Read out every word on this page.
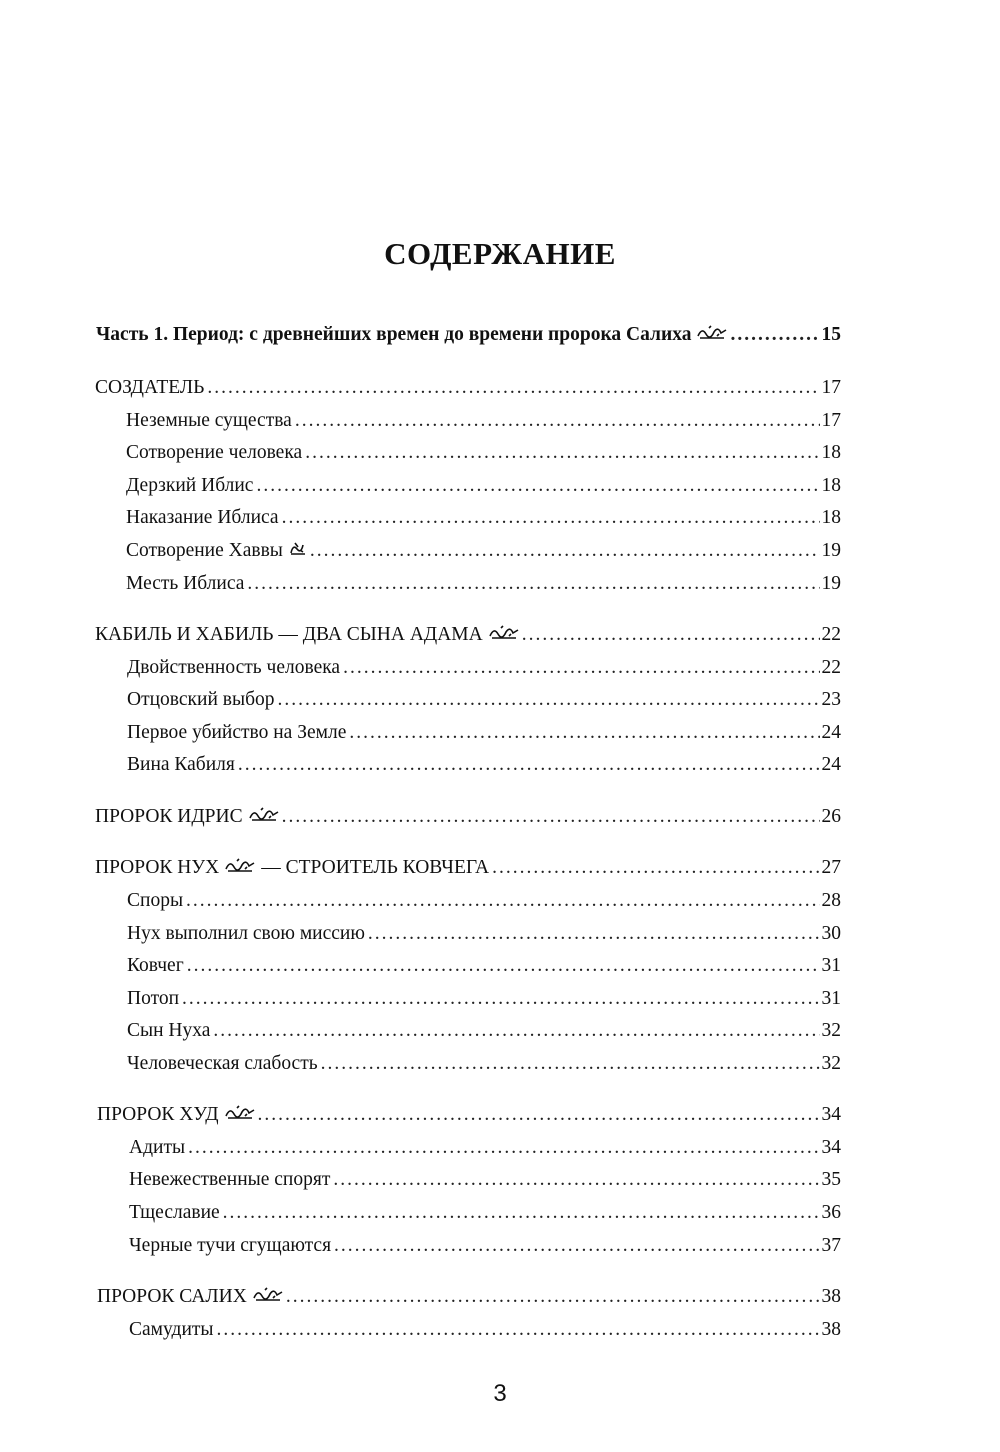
СОДЕРЖАНИЕ
Часть 1. Период: с древнейших времен до времени пророка Салиха .....	15
СОЗДАТЕЛЬ .....	17
Неземные существа .....	17
Сотворение человека .....	18
Дерзкий Иблис .....	18
Наказание Иблиса .....	18
Сотворение Хаввы .....	19
Месть Иблиса .....	19
КАБИЛЬ И ХАБИЛЬ — ДВА СЫНА АДАМА .....	22
Двойственность человека .....	22
Отцовский выбор .....	23
Первое убийство на Земле .....	24
Вина Кабиля .....	24
ПРОРОК ИДРИС .....	26
ПРОРОК НУХ — СТРОИТЕЛЬ КОВЧЕГА .....	27
Споры .....	28
Нух выполнил свою миссию .....	30
Ковчег .....	31
Потоп .....	31
Сын Нуха .....	32
Человеческая слабость .....	32
ПРОРОК ХУД .....	34
Адиты .....	34
Невежественные спорят .....	35
Тщеславие .....	36
Черные тучи сгущаются .....	37
ПРОРОК САЛИХ .....	38
Самудиты .....	38
3
